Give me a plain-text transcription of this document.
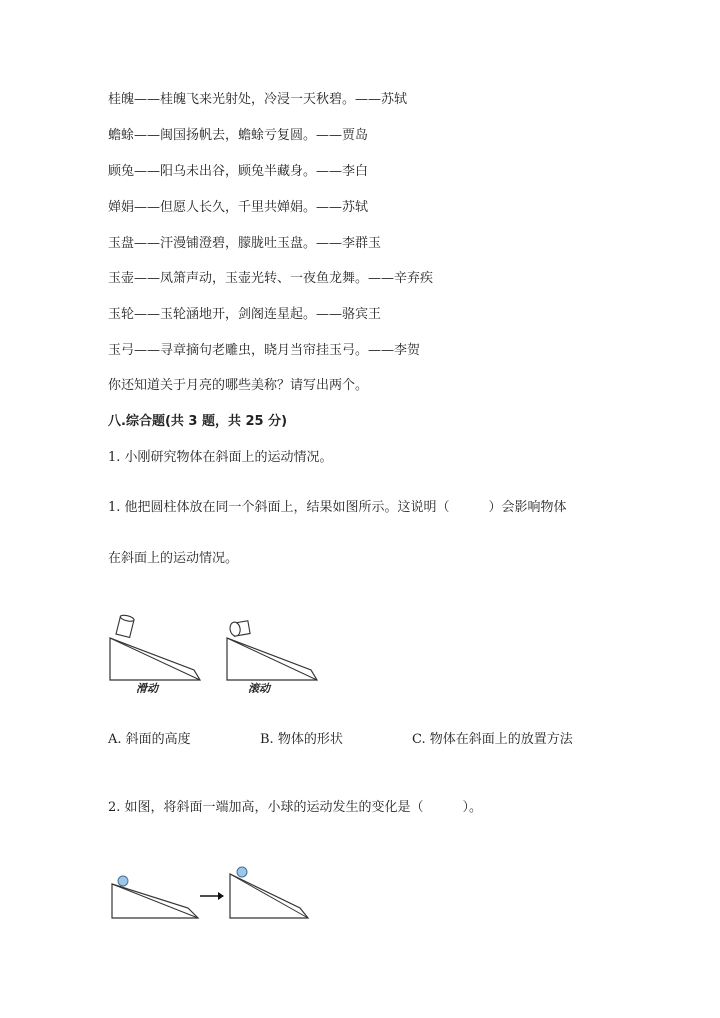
桂魄——桂魄飞来光射处，冷浸一天秋碧。——苏轼
蟾蜍——闽国扬帆去，蟾蜍亏复圆。——贾岛
顾兔——阳乌未出谷，顾兔半藏身。——李白
婵娟——但愿人长久，千里共婵娟。——苏轼
玉盘——汗漫铺澄碧，朦胧吐玉盘。——李群玉
玉壶——凤箫声动，玉壶光转、一夜鱼龙舞。——辛弃疾
玉轮——玉轮涵地开，剑阁连星起。——骆宾王
玉弓——寻章摘句老雕虫，晓月当帘挂玉弓。——李贺
你还知道关于月亮的哪些美称？请写出两个。
八.综合题(共 3 题，共 25 分)
1. 小刚研究物体在斜面上的运动情况。
1. 他把圆柱体放在同一个斜面上，结果如图所示。这说明（　　　）会影响物体
在斜面上的运动情况。
滑动	滚动
A. 斜面的高度	B. 物体的形状	C. 物体在斜面上的放置方法
2. 如图，将斜面一端加高，小球的运动发生的变化是（　　　）。
